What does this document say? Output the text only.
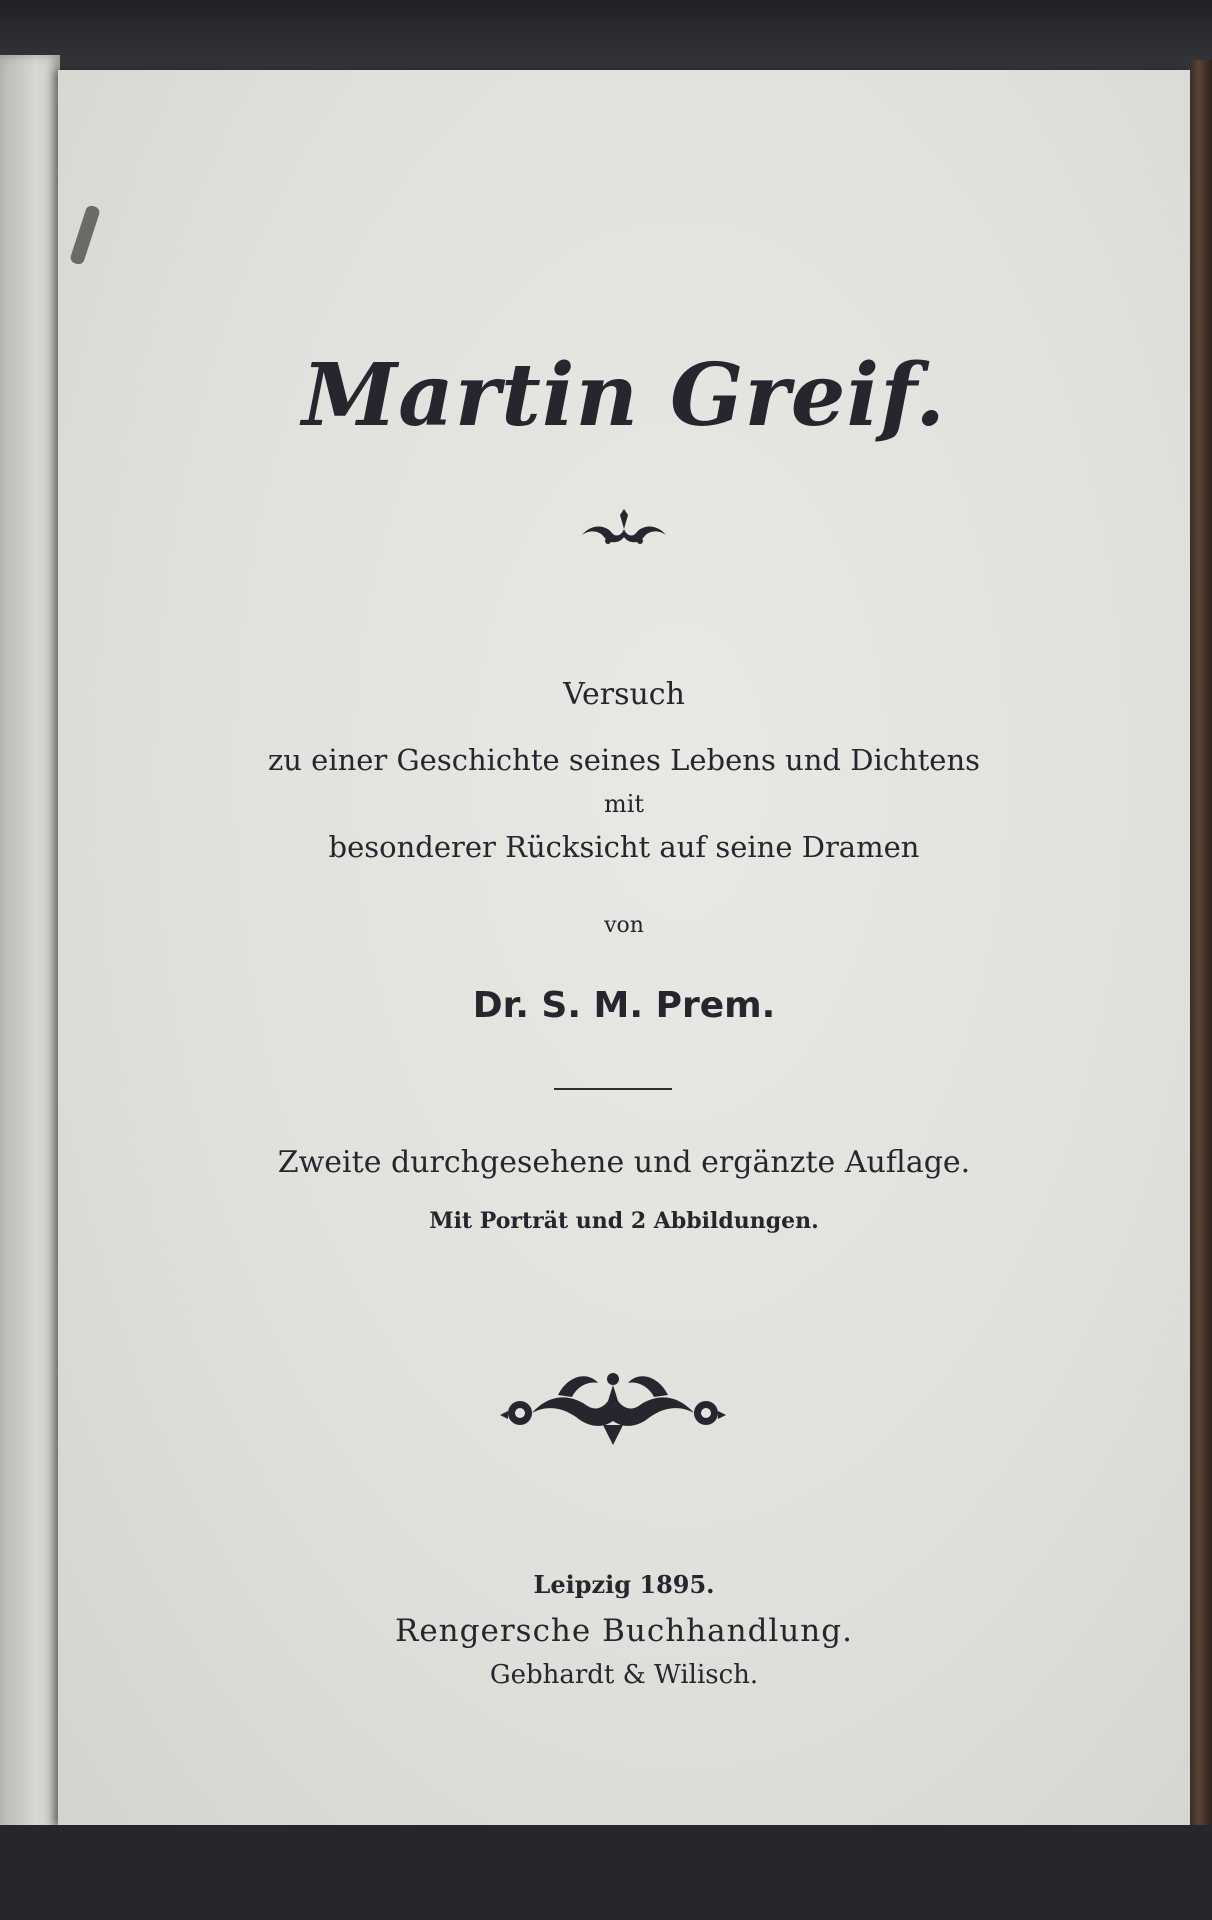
Martin Greif.

Versuch

zu einer Geschichte seines Lebens und Dichtens

mit

besonderer Rücksicht auf seine Dramen

von

Dr. S. M. Prem.

Zweite durchgesehene und ergänzte Auflage.

Mit Porträt und 2 Abbildungen.

Leipzig 1895.

Rengersche Buchhandlung.

Gebhardt & Wilisch.
